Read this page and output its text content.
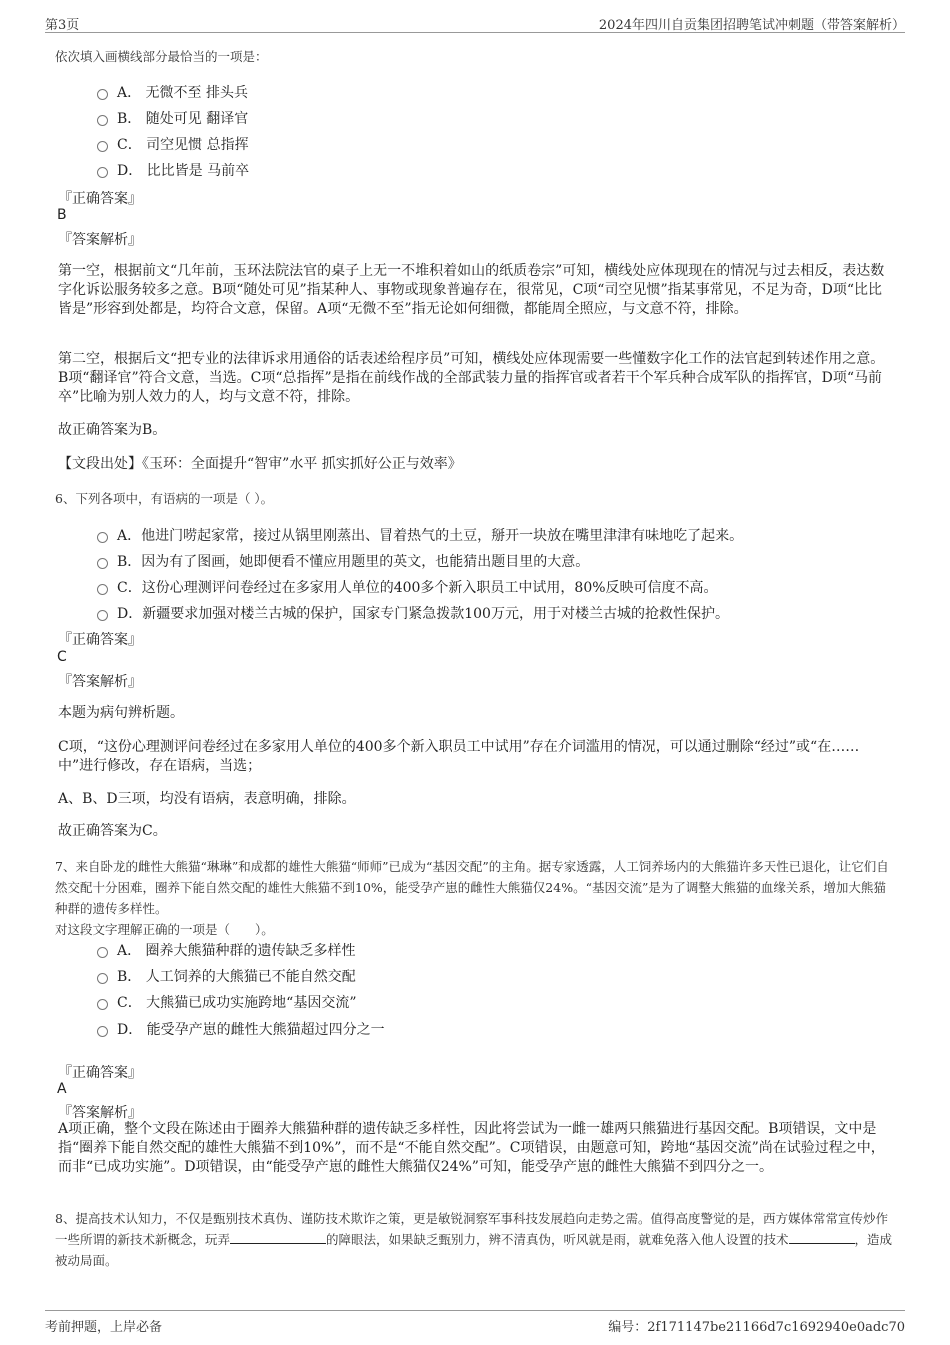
第3页	2024年四川自贡集团招聘笔试冲刺题（带答案解析）
依次填入画横线部分最恰当的一项是：
A． 无微不至 排头兵
B． 随处可见 翻译官
C． 司空见惯 总指挥
D． 比比皆是 马前卒
『正确答案』
B
『答案解析』
第一空，根据前文“几年前，玉环法院法官的桌子上无一不堆积着如山的纸质卷宗”可知，横线处应体现现在的情况与过去相反，表达数字化诉讼服务较多之意。B项“随处可见”指某种人、事物或现象普遍存在，很常见，C项“司空见惯”指某事常见，不足为奇，D项“比比皆是”形容到处都是，均符合文意，保留。A项“无微不至”指无论如何细微，都能周全照应，与文意不符，排除。
第二空，根据后文“把专业的法律诉求用通俗的话表述给程序员”可知，横线处应体现需要一些懂数字化工作的法官起到转述作用之意。B项“翻译官”符合文意，当选。C项“总指挥”是指在前线作战的全部武装力量的指挥官或者若干个军兵种合成军队的指挥官，D项“马前卒”比喻为别人效力的人，均与文意不符，排除。
故正确答案为B。
【文段出处】《玉环：全面提升“智审”水平 抓实抓好公正与效率》
6、下列各项中，有语病的一项是（ ）。
A．他进门唠起家常，接过从锅里刚蒸出、冒着热气的土豆，掰开一块放在嘴里津津有味地吃了起来。
B．因为有了图画，她即便看不懂应用题里的英文，也能猜出题目里的大意。
C．这份心理测评问卷经过在多家用人单位的400多个新入职员工中试用，80%反映可信度不高。
D．新疆要求加强对楼兰古城的保护，国家专门紧急拨款100万元，用于对楼兰古城的抢救性保护。
『正确答案』
C
『答案解析』
本题为病句辨析题。
C项，“这份心理测评问卷经过在多家用人单位的400多个新入职员工中试用”存在介词滥用的情况，可以通过删除“经过”或“在……中”进行修改，存在语病，当选；
A、B、D三项，均没有语病，表意明确，排除。
故正确答案为C。
7、来自卧龙的雌性大熊猫“琳琳”和成都的雄性大熊猫“师师”已成为“基因交配”的主角。据专家透露，人工饲养场内的大熊猫许多天性已退化，让它们自然交配十分困难，圈养下能自然交配的雄性大熊猫不到10%，能受孕产崽的雌性大熊猫仅24%。“基因交流”是为了调整大熊猫的血缘关系，增加大熊猫种群的遗传多样性。
对这段文字理解正确的一项是（　　）。
A． 圈养大熊猫种群的遗传缺乏多样性
B． 人工饲养的大熊猫已不能自然交配
C． 大熊猫已成功实施跨地“基因交流”
D． 能受孕产崽的雌性大熊猫超过四分之一
『正确答案』
A
『答案解析』
A项正确，整个文段在陈述由于圈养大熊猫种群的遗传缺乏多样性，因此将尝试为一雌一雄两只熊猫进行基因交配。B项错误，文中是指“圈养下能自然交配的雄性大熊猫不到10%”，而不是“不能自然交配”。C项错误，由题意可知，跨地“基因交流”尚在试验过程之中，而非“已成功实施”。D项错误，由“能受孕产崽的雌性大熊猫仅24%”可知，能受孕产崽的雌性大熊猫不到四分之一。
8、提高技术认知力，不仅是甄别技术真伪、谨防技术欺诈之策，更是敏锐洞察军事科技发展趋向走势之需。值得高度警觉的是，西方媒体常常宣传炒作一些所谓的新技术新概念，玩弄	的障眼法，如果缺乏甄别力，辨不清真伪，听风就是雨，就难免落入他人设置的技术	，造成被动局面。
考前押题，上岸必备	编号：2f171147be21166d7c1692940e0adc70
